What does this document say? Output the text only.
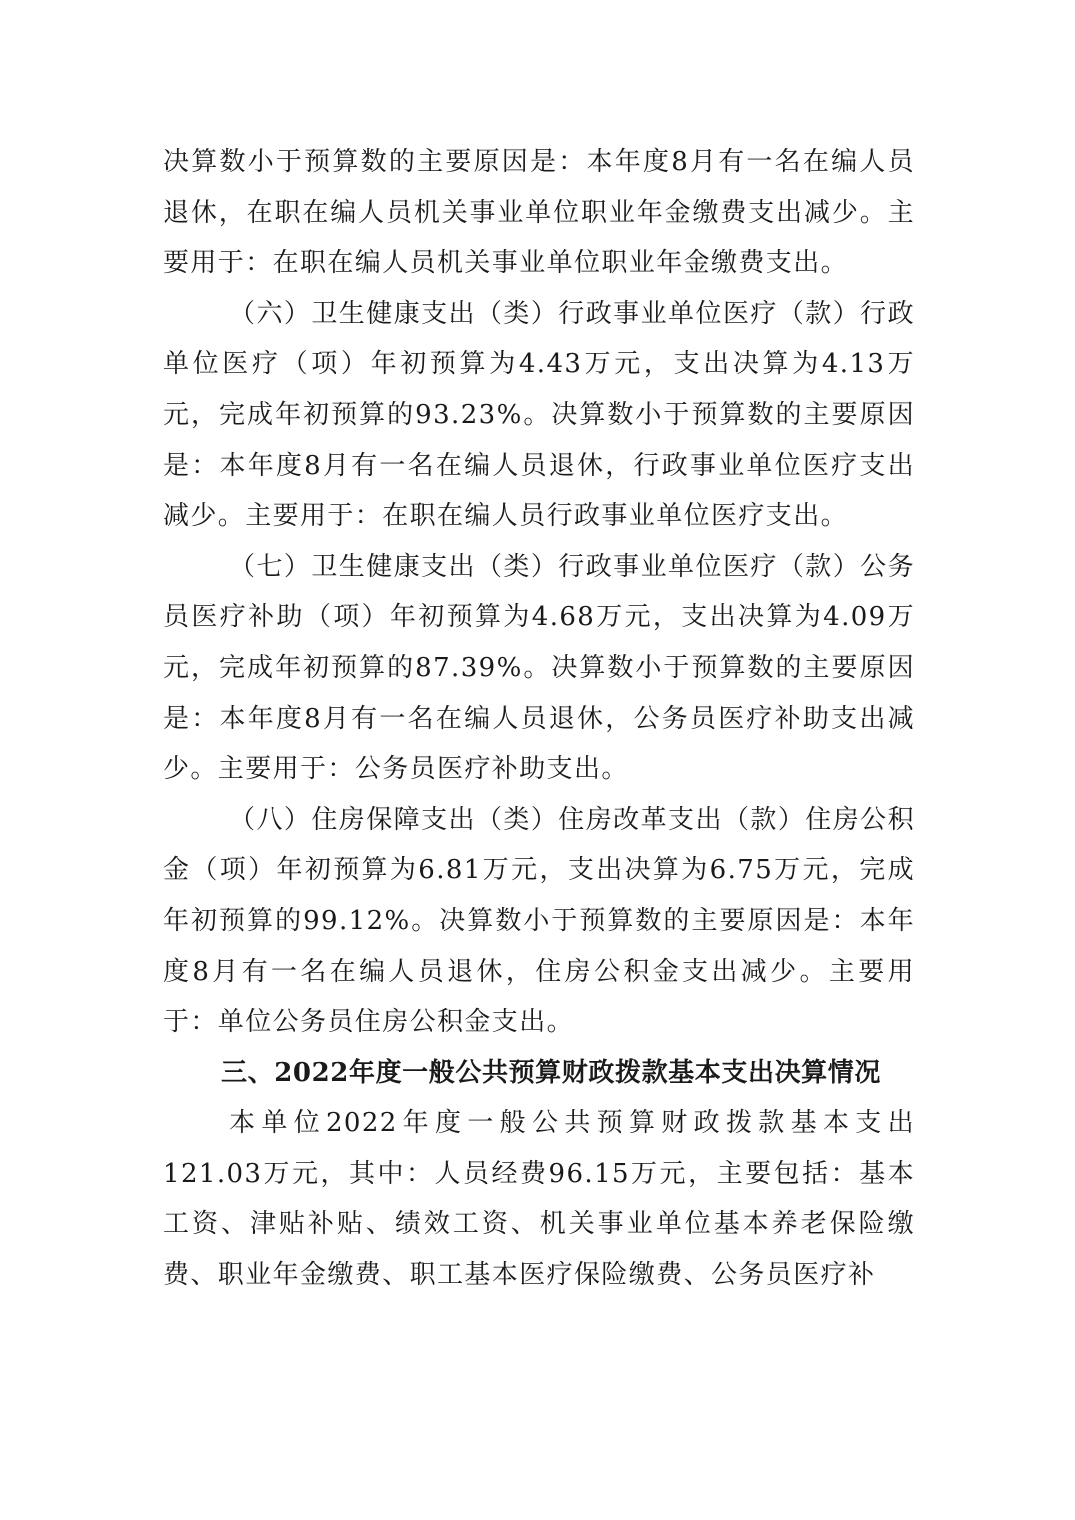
决算数小于预算数的主要原因是：本年度8月有一名在编人员退休，在职在编人员机关事业单位职业年金缴费支出减少。主要用于：在职在编人员机关事业单位职业年金缴费支出。

（六）卫生健康支出（类）行政事业单位医疗（款）行政单位医疗（项）年初预算为4.43万元，支出决算为4.13万元，完成年初预算的93.23%。决算数小于预算数的主要原因是：本年度8月有一名在编人员退休，行政事业单位医疗支出减少。主要用于：在职在编人员行政事业单位医疗支出。

（七）卫生健康支出（类）行政事业单位医疗（款）公务员医疗补助（项）年初预算为4.68万元，支出决算为4.09万元，完成年初预算的87.39%。决算数小于预算数的主要原因是：本年度8月有一名在编人员退休，公务员医疗补助支出减少。主要用于：公务员医疗补助支出。

（八）住房保障支出（类）住房改革支出（款）住房公积金（项）年初预算为6.81万元，支出决算为6.75万元，完成年初预算的99.12%。决算数小于预算数的主要原因是：本年度8月有一名在编人员退休，住房公积金支出减少。主要用于：单位公务员住房公积金支出。

三、2022年度一般公共预算财政拨款基本支出决算情况

本单位2022年度一般公共预算财政拨款基本支出

121.03万元，其中：人员经费96.15万元，主要包括：基本工资、津贴补贴、绩效工资、机关事业单位基本养老保险缴费、职业年金缴费、职工基本医疗保险缴费、公务员医疗补
